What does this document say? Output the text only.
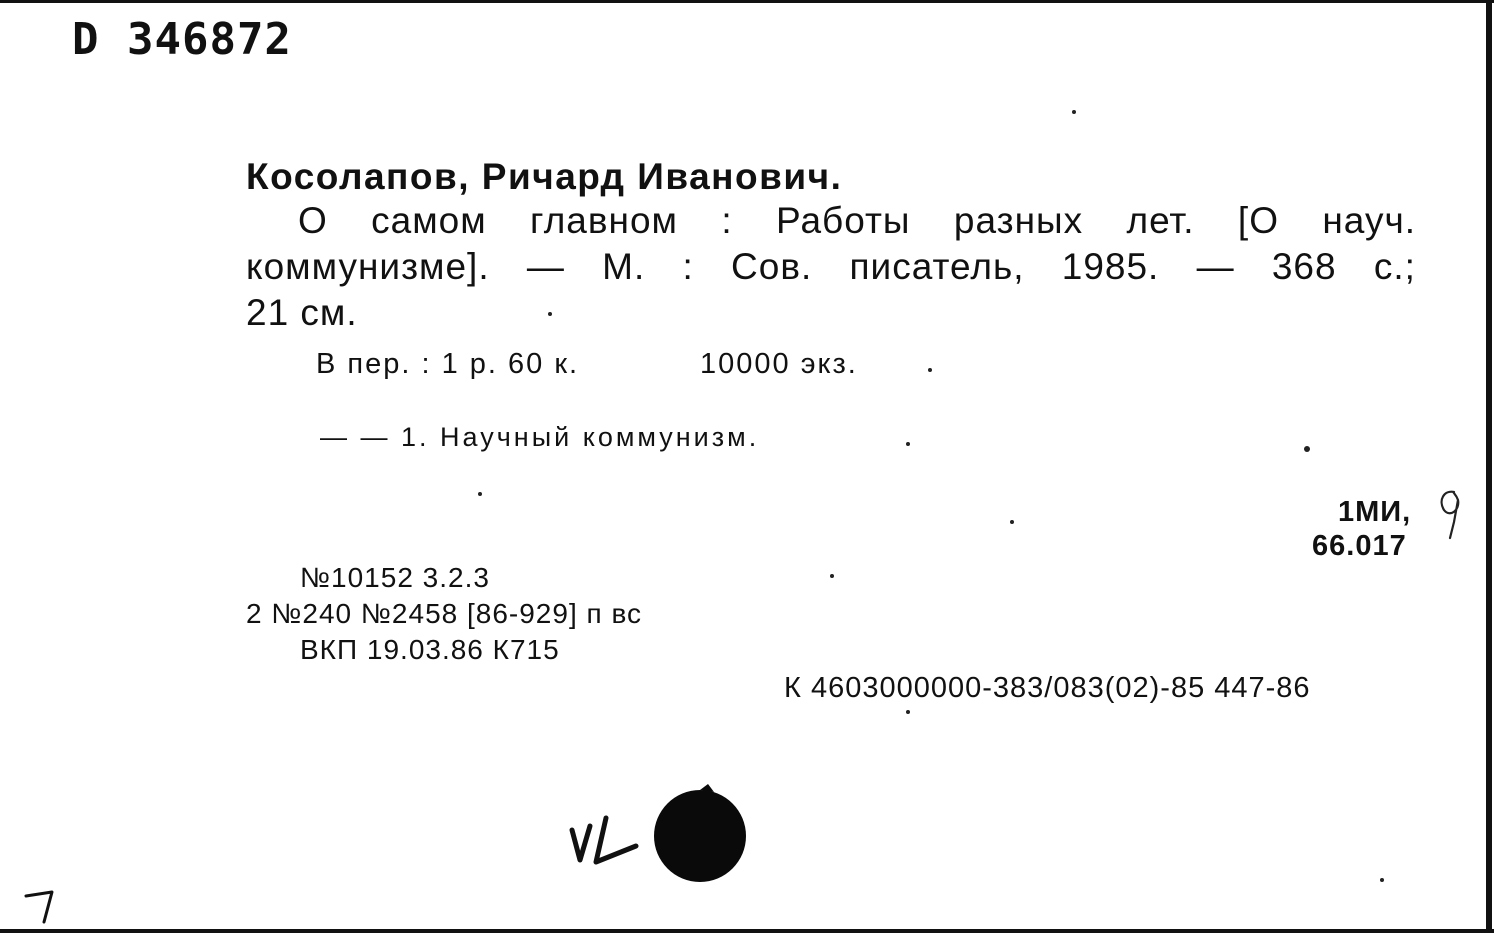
D 346872
Косолапов, Ричард Иванович.
О самом главном : Работы разных лет. [О науч.
коммунизме]. — М. : Сов. писатель, 1985. — 368 с.;
21 см.
В пер. : 1 р. 60 к.	10000 экз.
— — 1. Научный коммунизм.
1МИ,
66.017
№10152 3.2.3
2 №240 №2458 [86-929] п вс
ВКП 19.03.86 К715
К 4603000000-383/083(02)-85 447-86
